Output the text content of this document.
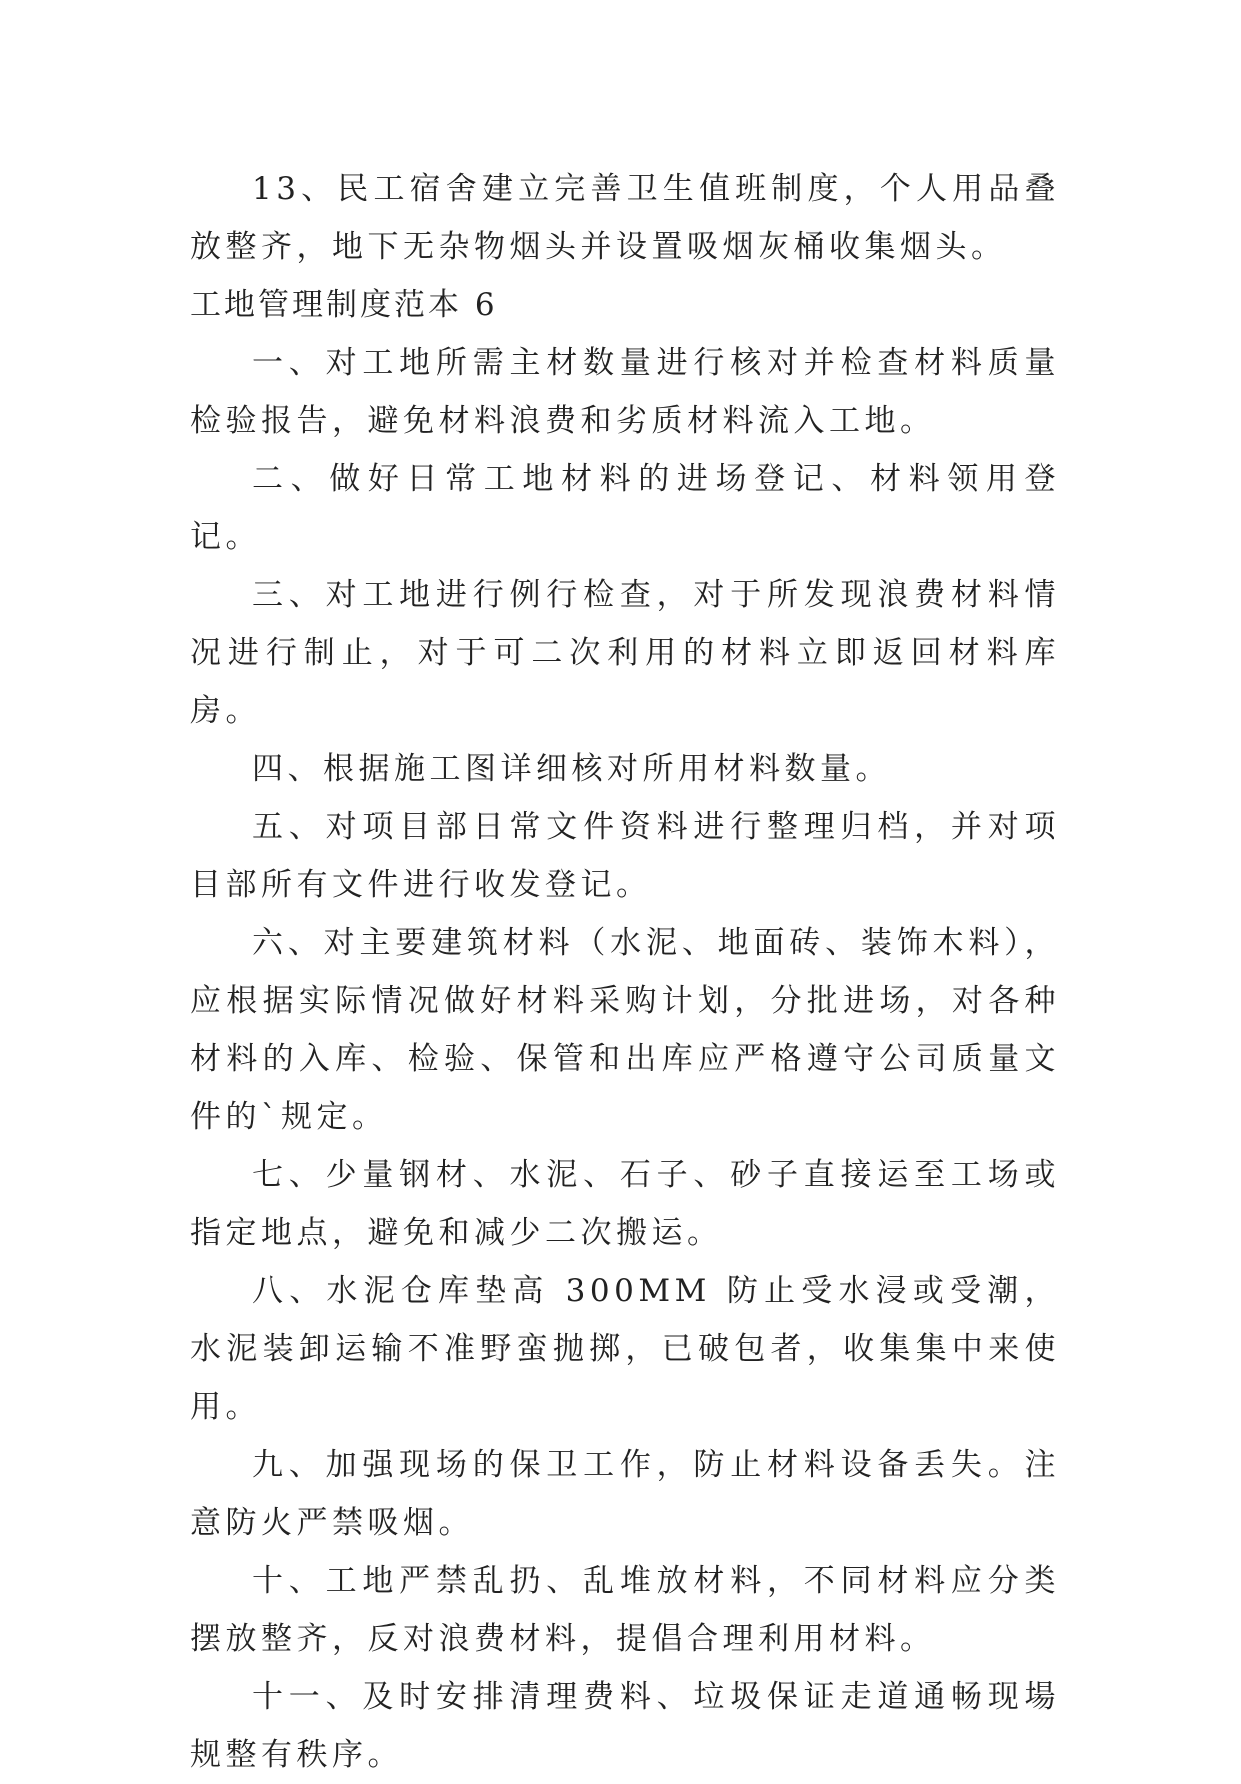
13、民工宿舍建立完善卫生值班制度，个人用品叠放整齐，地下无杂物烟头并设置吸烟灰桶收集烟头。

工地管理制度范本 6

一、对工地所需主材数量进行核对并检查材料质量检验报告，避免材料浪费和劣质材料流入工地。

二、做好日常工地材料的进场登记、材料领用登记。

三、对工地进行例行检查，对于所发现浪费材料情况进行制止，对于可二次利用的材料立即返回材料库房。

四、根据施工图详细核对所用材料数量。

五、对项目部日常文件资料进行整理归档，并对项目部所有文件进行收发登记。

六、对主要建筑材料（水泥、地面砖、装饰木料），应根据实际情况做好材料采购计划，分批进场，对各种材料的入库、检验、保管和出库应严格遵守公司质量文件的`规定。

七、少量钢材、水泥、石子、砂子直接运至工场或指定地点，避免和减少二次搬运。

八、水泥仓库垫高 300MM 防止受水浸或受潮，水泥装卸运输不准野蛮抛掷，已破包者，收集集中来使用。

九、加强现场的保卫工作，防止材料设备丢失。注意防火严禁吸烟。

十、工地严禁乱扔、乱堆放材料，不同材料应分类摆放整齐，反对浪费材料，提倡合理利用材料。

十一、及时安排清理费料、垃圾保证走道通畅现場规整有秩序。
